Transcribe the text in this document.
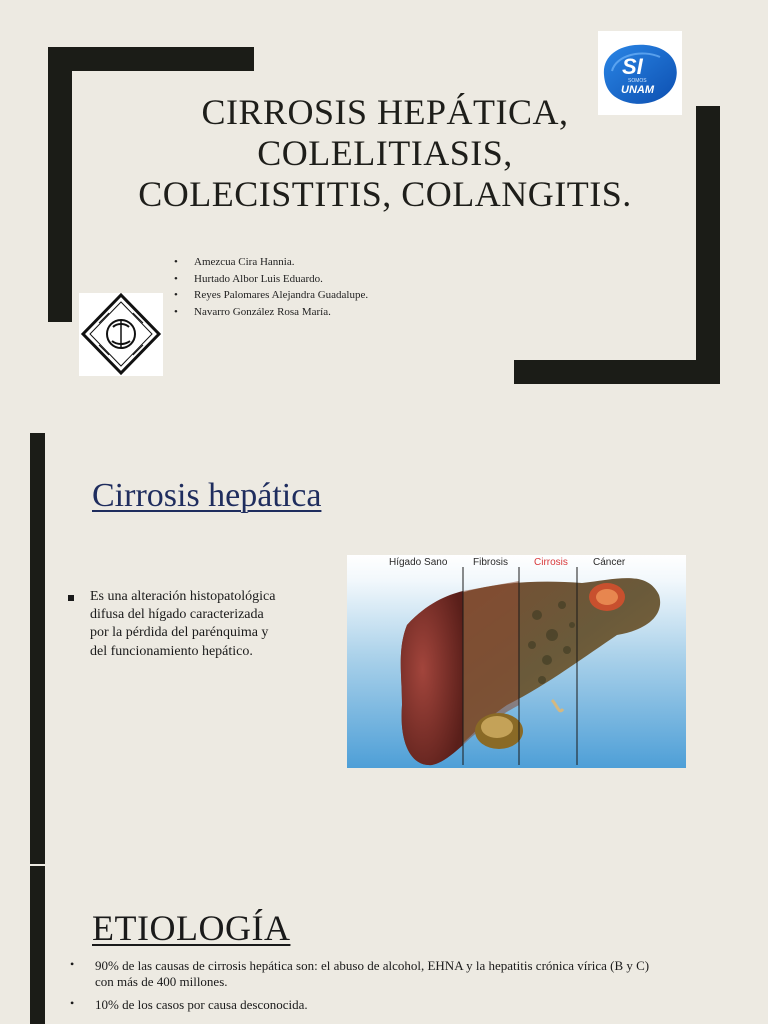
CIRROSIS HEPÁTICA,
COLELITIASIS,
COLECISTITIS, COLANGITIS.
• Amezcua Cira Hannia.
• Hurtado Albor Luis Eduardo.
• Reyes Palomares Alejandra Guadalupe.
• Navarro González Rosa María.
SI
SOMOS
UNAM
Cirrosis hepática
Es una alteración histopatológica difusa del hígado caracterizada por la pérdida del parénquima y del funcionamiento hepático.
Hígado Sano	Fibrosis	Cirrosis	Cáncer
ETIOLOGÍA
• 90% de las causas de cirrosis hepática son: el abuso de alcohol, EHNA y la hepatitis crónica vírica (B y C) con más de 400 millones.
• 10% de los casos por causa desconocida.
